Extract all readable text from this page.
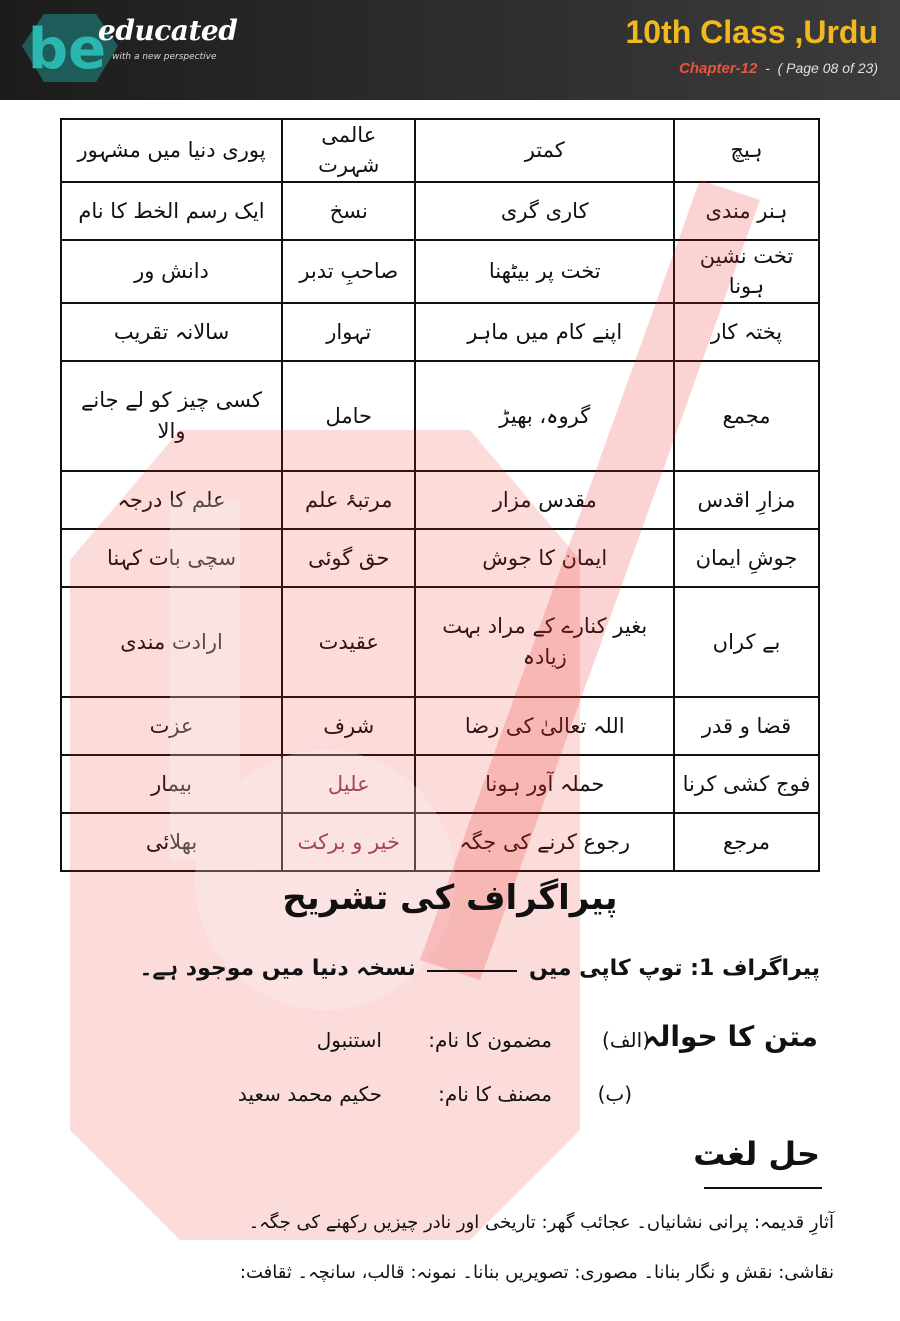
be
educated
with a new perspective
10th Class ,Urdu
Chapter-12 - ( Page 08 of 23)
ہیچ	کمتر	عالمی شہرت	پوری دنیا میں مشہور
ہنر مندی	کاری گری	نسخ	ایک رسم الخط کا نام
تخت نشین ہونا	تخت پر بیٹھنا	صاحبِ تدبر	دانش ور
پختہ کار	اپنے کام میں ماہر	تہوار	سالانہ تقریب
مجمع	گروہ، بھیڑ	حامل	کسی چیز کو لے جانے والا
مزارِ اقدس	مقدس مزار	مرتبۂ علم	علم کا درجہ
جوشِ ایمان	ایمان کا جوش	حق گوئی	سچی بات کہنا
بے کراں	بغیر کنارے کے مراد بہت زیادہ	عقیدت	ارادت مندی
قضا و قدر	اللہ تعالیٰ کی رضا	شرف	عزت
فوج کشی کرنا	حملہ آور ہونا	علیل	بیمار
مرجع	رجوع کرنے کی جگہ	خیر و برکت	بھلائی
پیراگراف کی تشریح
پیراگراف 1: توپ کاپی میں  نسخہ دنیا میں موجود ہے۔
متن کا حوالہ
(الف)
مضمون کا نام:
استنبول
(ب)
مصنف کا نام:
حکیم محمد سعید
حل لغت
آثارِ قدیمہ: پرانی نشانیاں۔ عجائب گھر: تاریخی اور نادر چیزیں رکھنے کی جگہ۔
نقاشی: نقش و نگار بنانا۔ مصوری: تصویریں بنانا۔ نمونہ: قالب، سانچہ۔ ثقافت:
